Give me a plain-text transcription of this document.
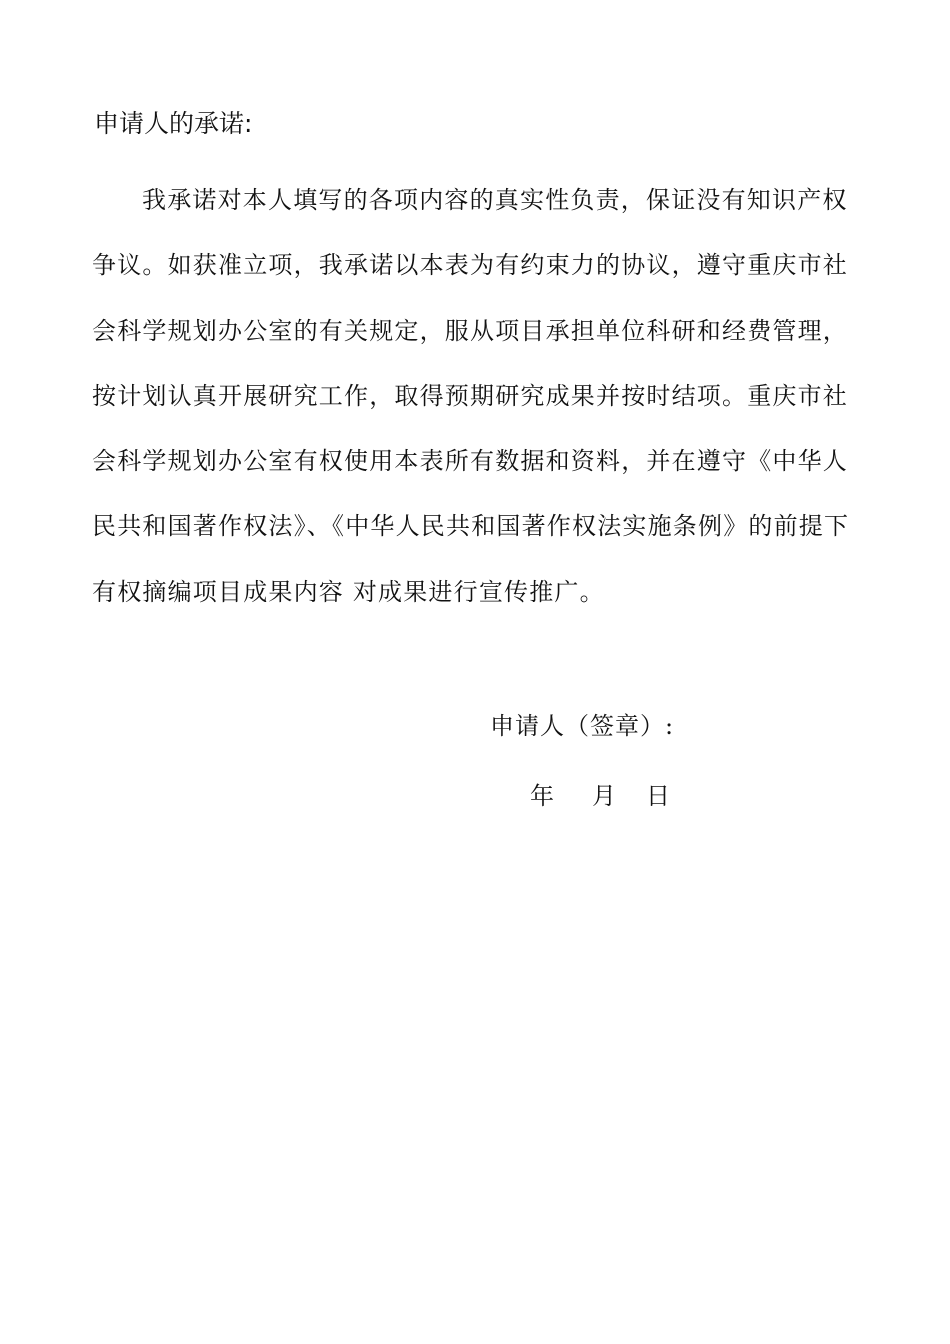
申请人的承诺:
我承诺对本人填写的各项内容的真实性负责，保证没有知识产权
争议。如获准立项，我承诺以本表为有约束力的协议，遵守重庆市社
会科学规划办公室的有关规定，服从项目承担单位科研和经费管理，
按计划认真开展研究工作，取得预期研究成果并按时结项。重庆市社
会科学规划办公室有权使用本表所有数据和资料，并在遵守《中华人
民共和国著作权法》、《中华人民共和国著作权法实施条例》的前提下
有权摘编项目成果内容 对成果进行宣传推广。
申请人（签章）:
年 月 日
